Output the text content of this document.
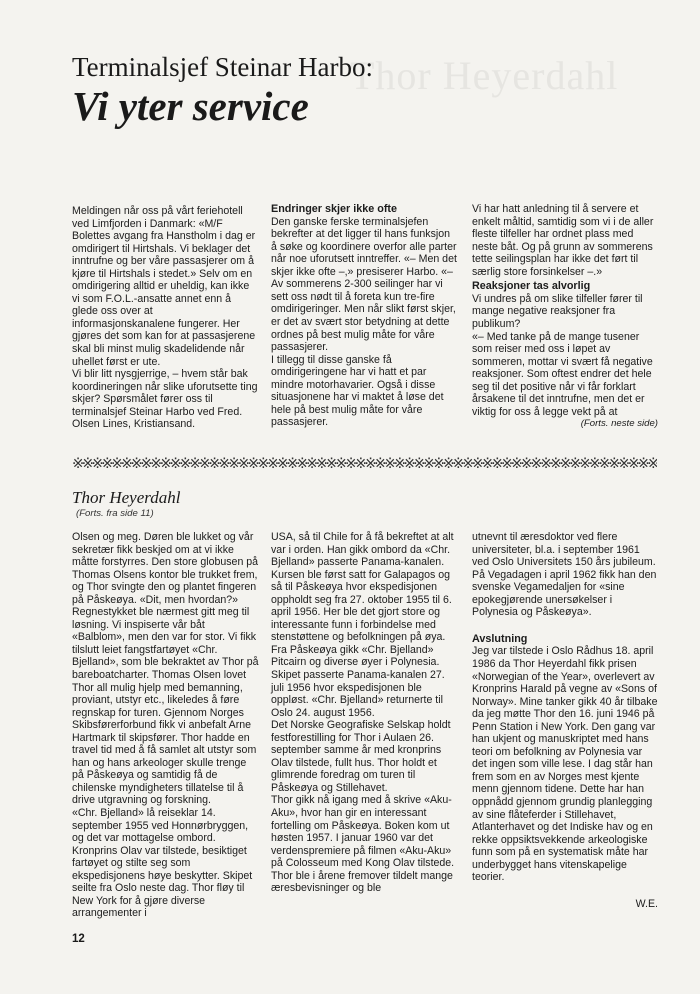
Thor Heyerdahl
Terminalsjef Steinar Harbo:
Vi yter service

Meldingen når oss på vårt feriehotell ved Limfjorden i Danmark: «M/F Bolettes avgang fra Hanstholm i dag er omdirigert til Hirtshals. Vi beklager det inntrufne og ber våre passasjerer om å kjøre til Hirtshals i stedet.» Selv om en omdirigering alltid er uheldig, kan ikke vi som F.O.L.-ansatte annet enn å glede oss over at informasjonskanalene fungerer. Her gjøres det som kan for at passasjerene skal bli minst mulig skadelidende når uhellet først er ute.

Vi blir litt nysgjerrige, – hvem står bak koordineringen når slike uforutsette ting skjer? Spørsmålet fører oss til terminalsjef Steinar Harbo ved Fred. Olsen Lines, Kristiansand.

Endringer skjer ikke ofte

Den ganske ferske terminalsjefen bekrefter at det ligger til hans funksjon å søke og koordinere overfor alle parter når noe uforutsett inntreffer. «– Men det skjer ikke ofte –,» presiserer Harbo. «– Av sommerens 2-300 seilinger har vi sett oss nødt til å foreta kun tre-fire omdirigeringer. Men når slikt først skjer, er det av svært stor betydning at dette ordnes på best mulig måte for våre passasjerer.

I tillegg til disse ganske få omdirigeringene har vi hatt et par mindre motorhavarier. Også i disse situasjonene har vi maktet å løse det hele på best mulig måte for våre passasjerer.

Vi har hatt anledning til å servere et enkelt måltid, samtidig som vi i de aller fleste tilfeller har ordnet plass med neste båt. Og på grunn av sommerens tette seilingsplan har ikke det ført til særlig store forsinkelser –.»

Reaksjoner tas alvorlig

Vi undres på om slike tilfeller fører til mange negative reaksjoner fra publikum?

«– Med tanke på de mange tusener som reiser med oss i løpet av sommeren, mottar vi svært få negative reaksjoner. Som oftest endrer det hele seg til det positive når vi får forklart årsakene til det inntrufne, men det er viktig for oss å legge vekt på at

(Forts. neste side)

※※※※※※※※※※※※※※※※※※※※※※※※※※※※※※※※※※※※※※※※※※※※※※※※※※※※※※※※※※※※
Thor Heyerdahl
(Forts. fra side 11)

Olsen og meg. Døren ble lukket og vår sekretær fikk beskjed om at vi ikke måtte forstyrres. Den store globusen på Thomas Olsens kontor ble trukket frem, og Thor svingte den og plantet fingeren på Påskeøya. «Dit, men hvordan?» Regnestykket ble nærmest gitt meg til løsning. Vi inspiserte vår båt «Balblom», men den var for stor. Vi fikk tilslutt leiet fangstfartøyet «Chr. Bjelland», som ble bekraktet av Thor på bareboatcharter. Thomas Olsen lovet Thor all mulig hjelp med bemanning, proviant, utstyr etc., likeledes å føre regnskap for turen. Gjennom Norges Skibsførerforbund fikk vi anbefalt Arne Hartmark til skipsfører. Thor hadde en travel tid med å få samlet alt utstyr som han og hans arkeologer skulle trenge på Påskeøya og samtidig få de chilenske myndigheters tillatelse til å drive utgravning og forskning.

«Chr. Bjelland» lå reiseklar 14. september 1955 ved Honnørbryggen, og det var mottagelse ombord. Kronprins Olav var tilstede, besiktiget fartøyet og stilte seg som ekspedisjonens høye beskytter. Skipet seilte fra Oslo neste dag. Thor fløy til New York for å gjøre diverse arrangementer i

USA, så til Chile for å få bekreftet at alt var i orden. Han gikk ombord da «Chr. Bjelland» passerte Panama-kanalen. Kursen ble først satt for Galapagos og så til Påskeøya hvor ekspedisjonen oppholdt seg fra 27. oktober 1955 til 6. april 1956. Her ble det gjort store og interessante funn i forbindelse med stenstøttene og befolkningen på øya. Fra Påskeøya gikk «Chr. Bjelland» Pitcairn og diverse øyer i Polynesia. Skipet passerte Panama-kanalen 27. juli 1956 hvor ekspedisjonen ble oppløst. «Chr. Bjelland» returnerte til Oslo 24. august 1956.

Det Norske Geografiske Selskap holdt festforestilling for Thor i Aulaen 26. september samme år med kronprins Olav tilstede, fullt hus. Thor holdt et glimrende foredrag om turen til Påskeøya og Stillehavet.

Thor gikk nå igang med å skrive «Aku-Aku», hvor han gir en interessant fortelling om Påskeøya. Boken kom ut høsten 1957. I januar 1960 var det verdenspremiere på filmen «Aku-Aku» på Colosseum med Kong Olav tilstede.

Thor ble i årene fremover tildelt mange æresbevisninger og ble

utnevnt til æresdoktor ved flere universiteter, bl.a. i september 1961 ved Oslo Universitets 150 års jubileum. På Vegadagen i april 1962 fikk han den svenske Vegamedaljen for «sine epokegjørende unersøkelser i Polynesia og Påskeøya».

Avslutning

Jeg var tilstede i Oslo Rådhus 18. april 1986 da Thor Heyerdahl fikk prisen «Norwegian of the Year», overlevert av Kronprins Harald på vegne av «Sons of Norway». Mine tanker gikk 40 år tilbake da jeg møtte Thor den 16. juni 1946 på Penn Station i New York. Den gang var han ukjent og manuskriptet med hans teori om befolkning av Polynesia var det ingen som ville lese. I dag står han frem som en av Norges mest kjente menn gjennom tidene. Dette har han oppnådd gjennom grundig planlegging av sine flåteferder i Stillehavet, Atlanterhavet og det Indiske hav og en rekke oppsiktsvekkende arkeologiske funn som på en systematisk måte har underbygget hans vitenskapelige teorier.

W.E.

12
